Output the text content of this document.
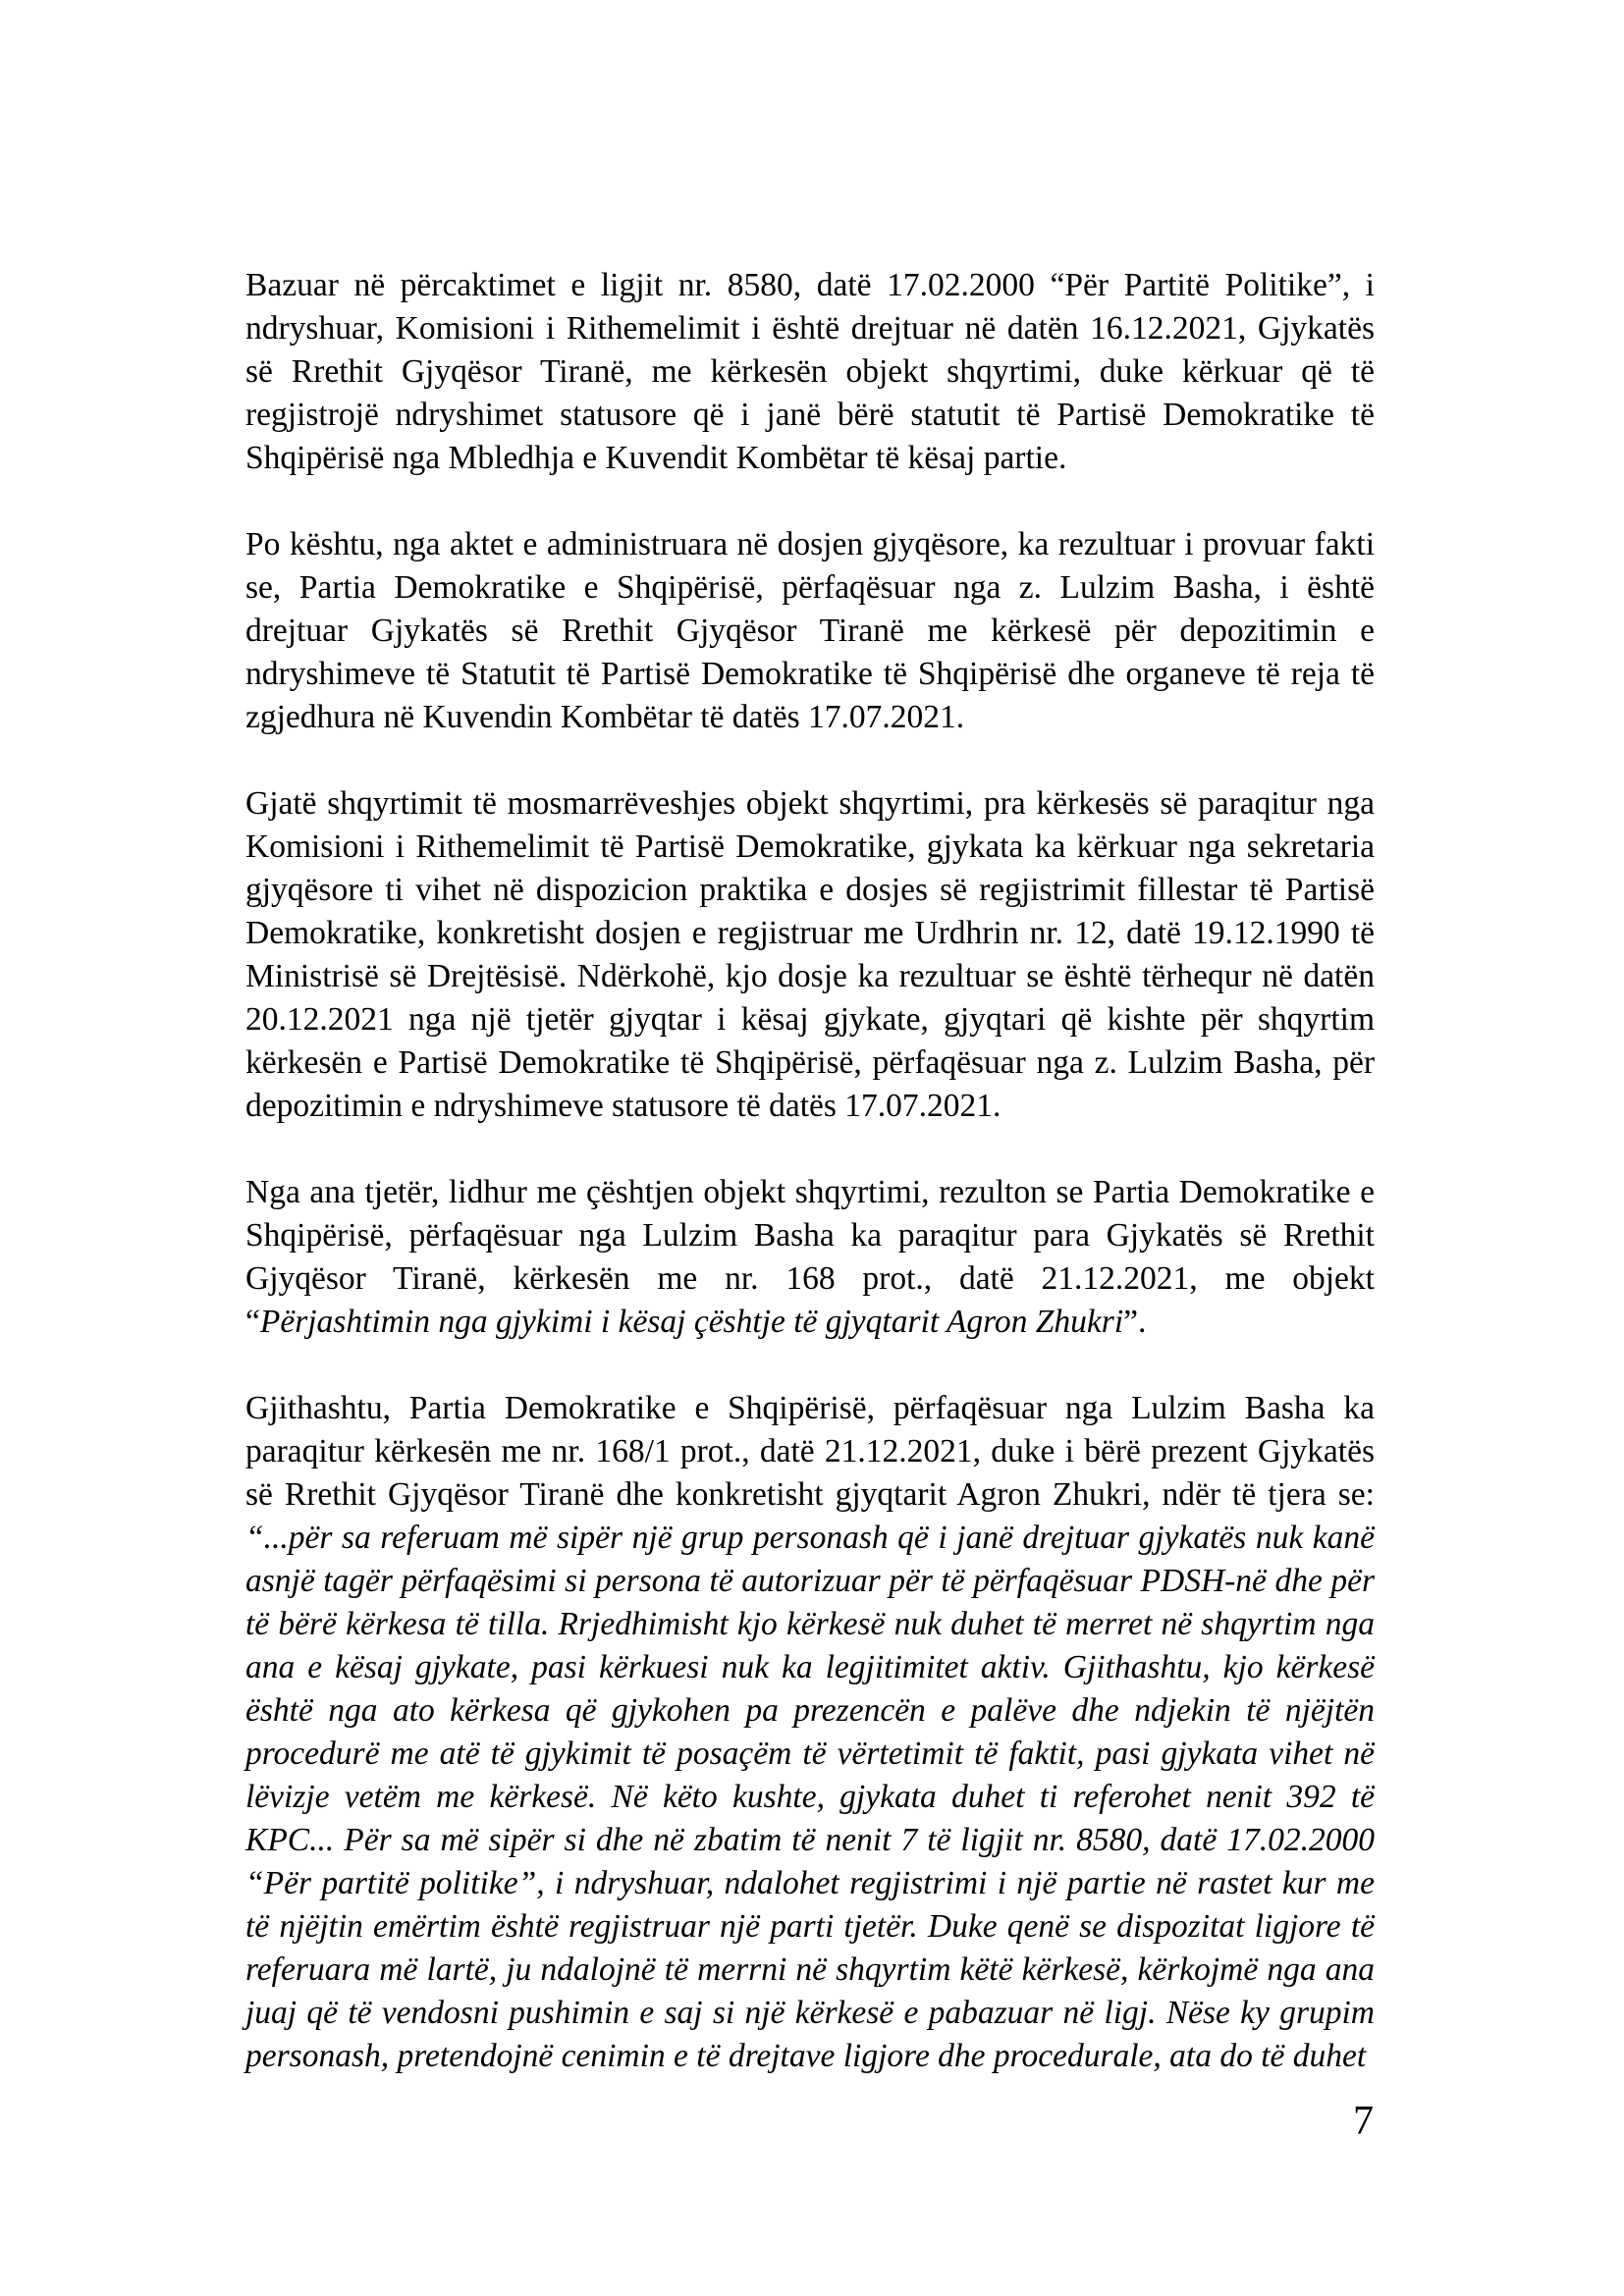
Bazuar në përcaktimet e ligjit nr. 8580, datë 17.02.2000 “Për Partitë Politike”, i ndryshuar, Komisioni i Rithemelimit i është drejtuar në datën 16.12.2021, Gjykatës së Rrethit Gjyqësor Tiranë, me kërkesën objekt shqyrtimi, duke kërkuar që të regjistrojë ndryshimet statusore që i janë bërë statutit të Partisë Demokratike të Shqipërisë nga Mbledhja e Kuvendit Kombëtar të kësaj partie.

Po kështu, nga aktet e administruara në dosjen gjyqësore, ka rezultuar i provuar fakti se, Partia Demokratike e Shqipërisë, përfaqësuar nga z. Lulzim Basha, i është drejtuar Gjykatës së Rrethit Gjyqësor Tiranë me kërkesë për depozitimin e ndryshimeve të Statutit të Partisë Demokratike të Shqipërisë dhe organeve të reja të zgjedhura në Kuvendin Kombëtar të datës 17.07.2021.

Gjatë shqyrtimit të mosmarrëveshjes objekt shqyrtimi, pra kërkesës së paraqitur nga Komisioni i Rithemelimit të Partisë Demokratike, gjykata ka kërkuar nga sekretaria gjyqësore ti vihet në dispozicion praktika e dosjes së regjistrimit fillestar të Partisë Demokratike, konkretisht dosjen e regjistruar me Urdhrin nr. 12, datë 19.12.1990 të Ministrisë së Drejtësisë. Ndërkohë, kjo dosje ka rezultuar se është tërhequr në datën 20.12.2021 nga një tjetër gjyqtar i kësaj gjykate, gjyqtari që kishte për shqyrtim kërkesën e Partisë Demokratike të Shqipërisë, përfaqësuar nga z. Lulzim Basha, për depozitimin e ndryshimeve statusore të datës 17.07.2021.

Nga ana tjetër, lidhur me çështjen objekt shqyrtimi, rezulton se Partia Demokratike e Shqipërisë, përfaqësuar nga Lulzim Basha ka paraqitur para Gjykatës së Rrethit Gjyqësor Tiranë, kërkesën me nr. 168 prot., datë 21.12.2021, me objekt “Përjashtimin nga gjykimi i kësaj çështje të gjyqtarit Agron Zhukri”.

Gjithashtu, Partia Demokratike e Shqipërisë, përfaqësuar nga Lulzim Basha ka paraqitur kërkesën me nr. 168/1 prot., datë 21.12.2021, duke i bërë prezent Gjykatës së Rrethit Gjyqësor Tiranë dhe konkretisht gjyqtarit Agron Zhukri, ndër të tjera se: “...për sa referuam më sipër një grup personash që i janë drejtuar gjykatës nuk kanë asnjë tagër përfaqësimi si persona të autorizuar për të përfaqësuar PDSH-në dhe për të bërë kërkesa të tilla. Rrjedhimisht kjo kërkesë nuk duhet të merret në shqyrtim nga ana e kësaj gjykate, pasi kërkuesi nuk ka legjitimitet aktiv. Gjithashtu, kjo kërkesë është nga ato kërkesa që gjykohen pa prezencën e palëve dhe ndjekin të njëjtën procedurë me atë të gjykimit të posaçëm të vërtetimit të faktit, pasi gjykata vihet në lëvizje vetëm me kërkesë. Në këto kushte, gjykata duhet ti referohet nenit 392 të KPC... Për sa më sipër si dhe në zbatim të nenit 7 të ligjit nr. 8580, datë 17.02.2000 “Për partitë politike”, i ndryshuar, ndalohet regjistrimi i një partie në rastet kur me të njëjtin emërtim është regjistruar një parti tjetër. Duke qenë se dispozitat ligjore të referuara më lartë, ju ndalojnë të merrni në shqyrtim këtë kërkesë, kërkojmë nga ana juaj që të vendosni pushimin e saj si një kërkesë e pabazuar në ligj. Nëse ky grupim personash, pretendojnë cenimin e të drejtave ligjore dhe procedurale, ata do të duhet

7
